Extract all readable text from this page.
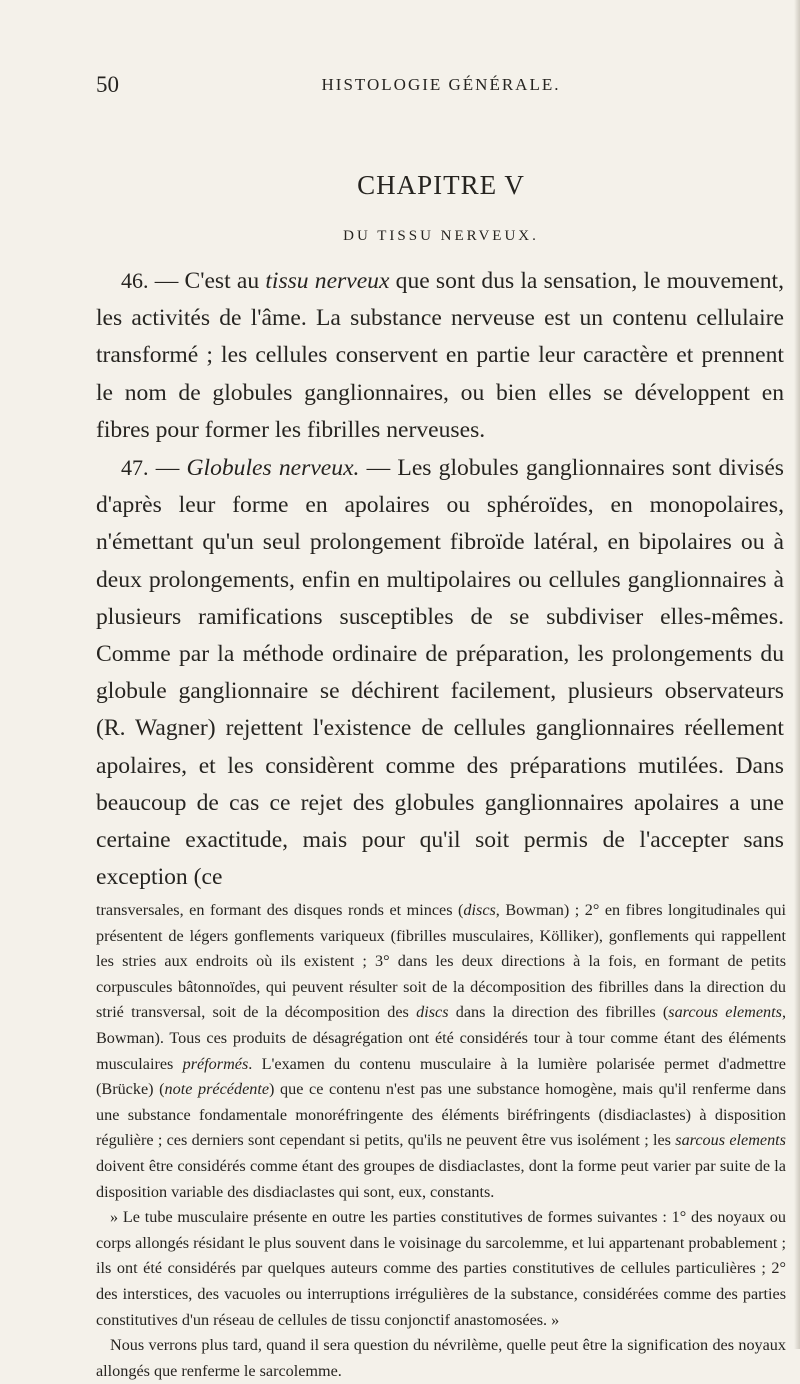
50	HISTOLOGIE GÉNÉRALE.
CHAPITRE V
DU TISSU NERVEUX.

46. — C'est au tissu nerveux que sont dus la sensation, le mouvement, les activités de l'âme. La substance nerveuse est un contenu cellulaire transformé ; les cellules conservent en partie leur caractère et prennent le nom de globules ganglionnaires, ou bien elles se développent en fibres pour former les fibrilles nerveuses.

47. — Globules nerveux. — Les globules ganglionnaires sont divisés d'après leur forme en apolaires ou sphéroïdes, en monopolaires, n'émettant qu'un seul prolongement fibroïde latéral, en bipolaires ou à deux prolongements, enfin en multipolaires ou cellules ganglionnaires à plusieurs ramifications susceptibles de se subdiviser elles-mêmes. Comme par la méthode ordinaire de préparation, les prolongements du globule ganglionnaire se déchirent facilement, plusieurs observateurs (R. Wagner) rejettent l'existence de cellules ganglionnaires réellement apolaires, et les considèrent comme des préparations mutilées. Dans beaucoup de cas ce rejet des globules ganglionnaires apolaires a une certaine exactitude, mais pour qu'il soit permis de l'accepter sans exception (ce

transversales, en formant des disques ronds et minces (discs, Bowman) ; 2° en fibres longitudinales qui présentent de légers gonflements variqueux (fibrilles musculaires, Kölliker), gonflements qui rappellent les stries aux endroits où ils existent ; 3° dans les deux directions à la fois, en formant de petits corpuscules bâtonnoïdes, qui peuvent résulter soit de la décomposition des fibrilles dans la direction du strié transversal, soit de la décomposition des discs dans la direction des fibrilles (sarcous elements, Bowman). Tous ces produits de désagrégation ont été considérés tour à tour comme étant des éléments musculaires préformés. L'examen du contenu musculaire à la lumière polarisée permet d'admettre (Brücke) (note précédente) que ce contenu n'est pas une substance homogène, mais qu'il renferme dans une substance fondamentale monoréfringente des éléments biréfringents (disdiaclastes) à disposition régulière ; ces derniers sont cependant si petits, qu'ils ne peuvent être vus isolément ; les sarcous elements doivent être considérés comme étant des groupes de disdiaclastes, dont la forme peut varier par suite de la disposition variable des disdiaclastes qui sont, eux, constants.

» Le tube musculaire présente en outre les parties constitutives de formes suivantes : 1° des noyaux ou corps allongés résidant le plus souvent dans le voisinage du sarcolemme, et lui appartenant probablement ; ils ont été considérés par quelques auteurs comme des parties constitutives de cellules particulières ; 2° des interstices, des vacuoles ou interruptions irrégulières de la substance, considérées comme des parties constitutives d'un réseau de cellules de tissu conjonctif anastomosées. »

Nous verrons plus tard, quand il sera question du névrilème, quelle peut être la signification des noyaux allongés que renferme le sarcolemme.
